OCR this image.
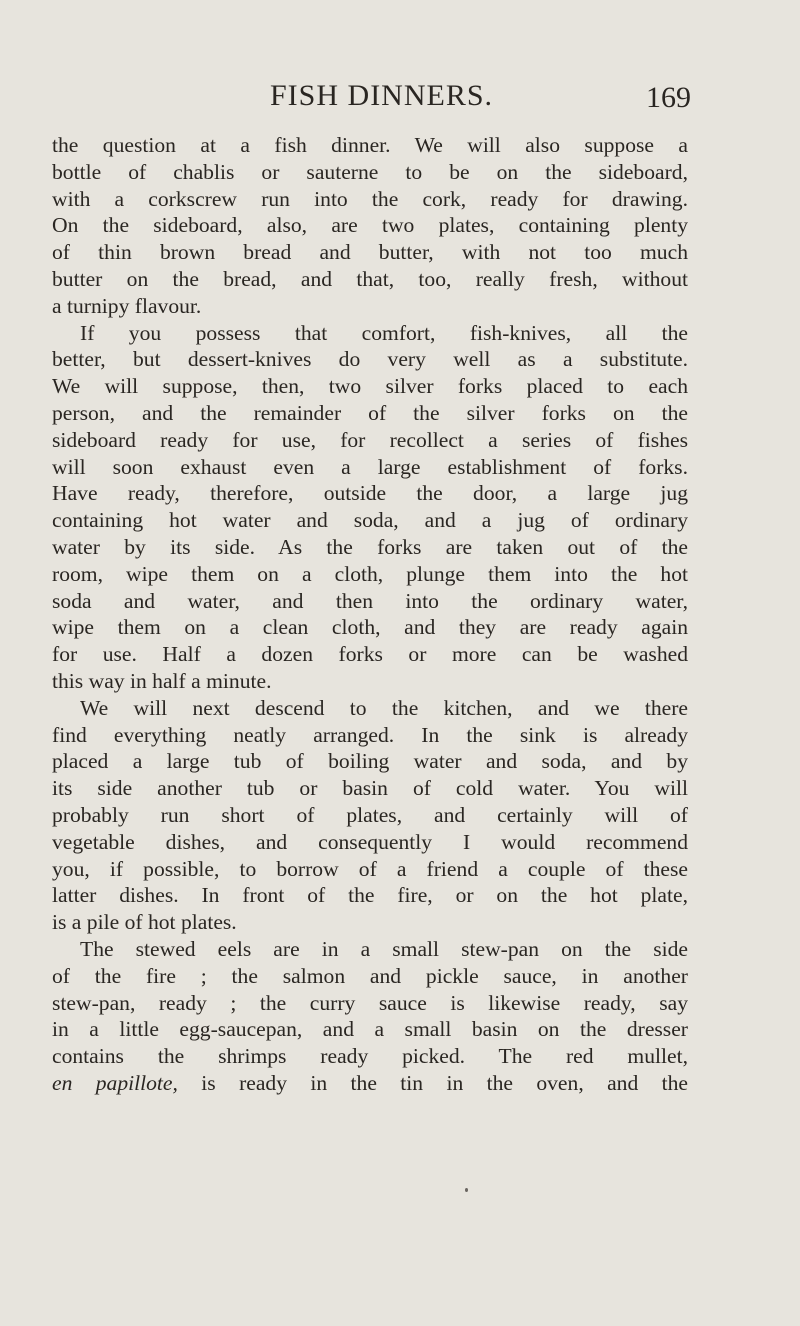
FISH DINNERS.	169
the question at a fish dinner. We will also suppose a
bottle of chablis or sauterne to be on the sideboard,
with a corkscrew run into the cork, ready for drawing.
On the sideboard, also, are two plates, containing plenty
of thin brown bread and butter, with not too much
butter on the bread, and that, too, really fresh, without
a turnipy flavour.
If you possess that comfort, fish-knives, all the
better, but dessert-knives do very well as a substitute.
We will suppose, then, two silver forks placed to each
person, and the remainder of the silver forks on the
sideboard ready for use, for recollect a series of fishes
will soon exhaust even a large establishment of forks.
Have ready, therefore, outside the door, a large jug
containing hot water and soda, and a jug of ordinary
water by its side. As the forks are taken out of the
room, wipe them on a cloth, plunge them into the hot
soda and water, and then into the ordinary water,
wipe them on a clean cloth, and they are ready again
for use. Half a dozen forks or more can be washed
this way in half a minute.
We will next descend to the kitchen, and we there
find everything neatly arranged. In the sink is already
placed a large tub of boiling water and soda, and by
its side another tub or basin of cold water. You will
probably run short of plates, and certainly will of
vegetable dishes, and consequently I would recommend
you, if possible, to borrow of a friend a couple of these
latter dishes. In front of the fire, or on the hot plate,
is a pile of hot plates.
The stewed eels are in a small stew-pan on the side
of the fire ; the salmon and pickle sauce, in another
stew-pan, ready ; the curry sauce is likewise ready, say
in a little egg-saucepan, and a small basin on the dresser
contains the shrimps ready picked. The red mullet,
en papillote, is ready in the tin in the oven, and the
